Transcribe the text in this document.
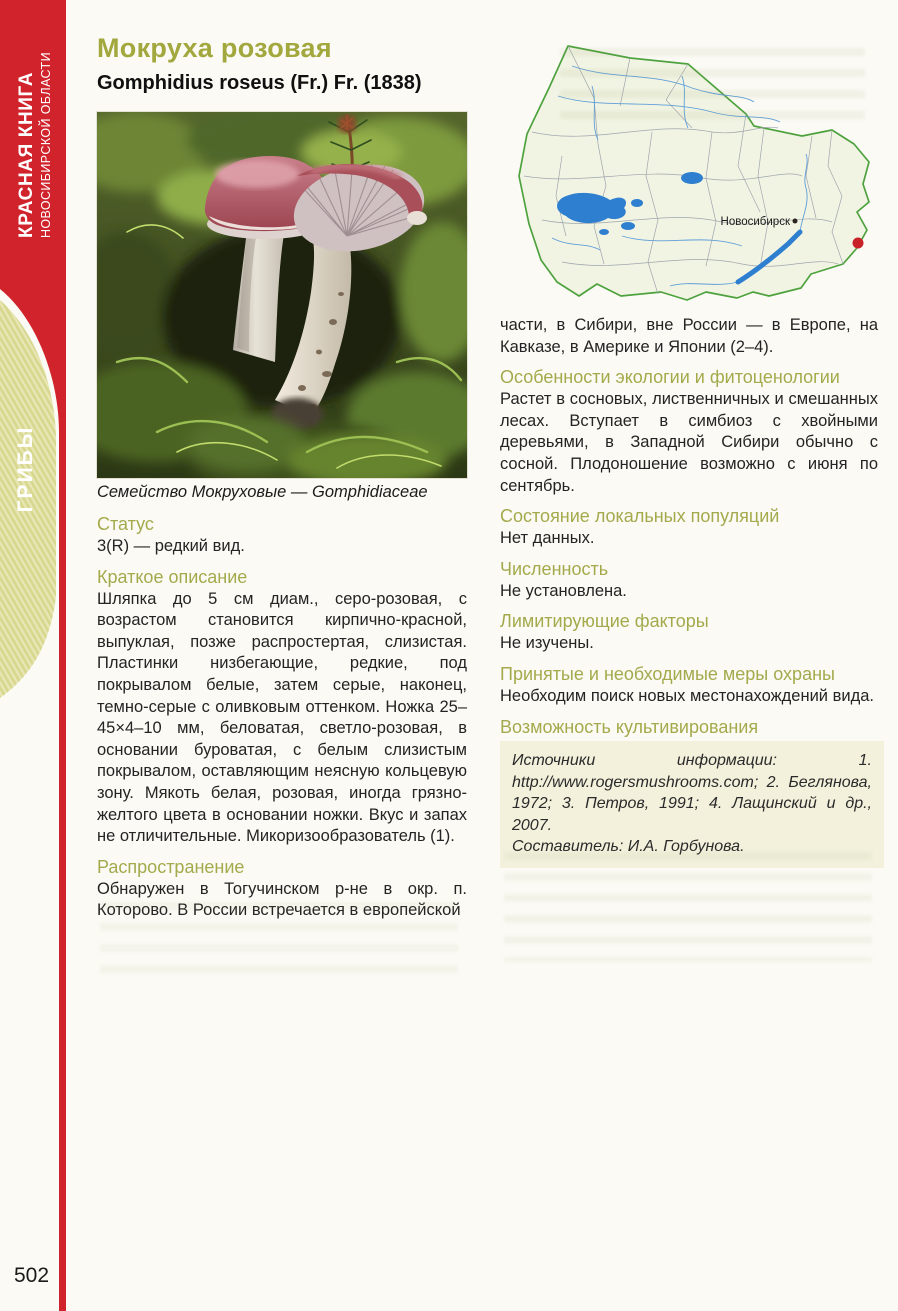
КРАСНАЯ КНИГА НОВОСИБИРСКОЙ ОБЛАСТИ
ГРИБЫ
502
Мокруха розовая
Gomphidius roseus (Fr.) Fr. (1838)
Семейство Мокруховые — Gomphidiaceae
Новосибирск
Статус

3(R) — редкий вид.

Краткое описание

Шляпка до 5 см диам., серо-розовая, с возрастом становится кирпично-красной, выпуклая, позже распростертая, слизистая. Пластинки низбегающие, редкие, под покрывалом белые, затем серые, наконец, темно-серые с оливковым оттенком. Ножка 25–45×4–10 мм, беловатая, светло-розовая, в основании буроватая, с белым слизистым покрывалом, оставляющим неясную кольцевую зону. Мякоть белая, розовая, иногда грязно-желтого цвета в основании ножки. Вкус и запах не отличительные. Микоризообразователь (1).

Распространение

Обнаружен в Тогучинском р-не в окр. п. Которово. В России встречается в европейской

части, в Сибири, вне России — в Европе, на Кавказе, в Америке и Японии (2–4).

Особенности экологии и фитоценологии

Растет в сосновых, лиственничных и смешанных лесах. Вступает в симбиоз с хвойными деревьями, в Западной Сибири обычно с сосной. Плодоношение возможно с июня по сентябрь.

Состояние локальных популяций

Нет данных.

Численность

Не установлена.

Лимитирующие факторы

Не изучены.

Принятые и необходимые меры охраны

Необходим поиск новых местонахождений вида.

Возможность культивирования

Источники информации: 1. http://www.rogersmushrooms.com; 2. Беглянова, 1972; 3. Петров, 1991; 4. Лащинский и др., 2007.

Составитель: И.А. Горбунова.
